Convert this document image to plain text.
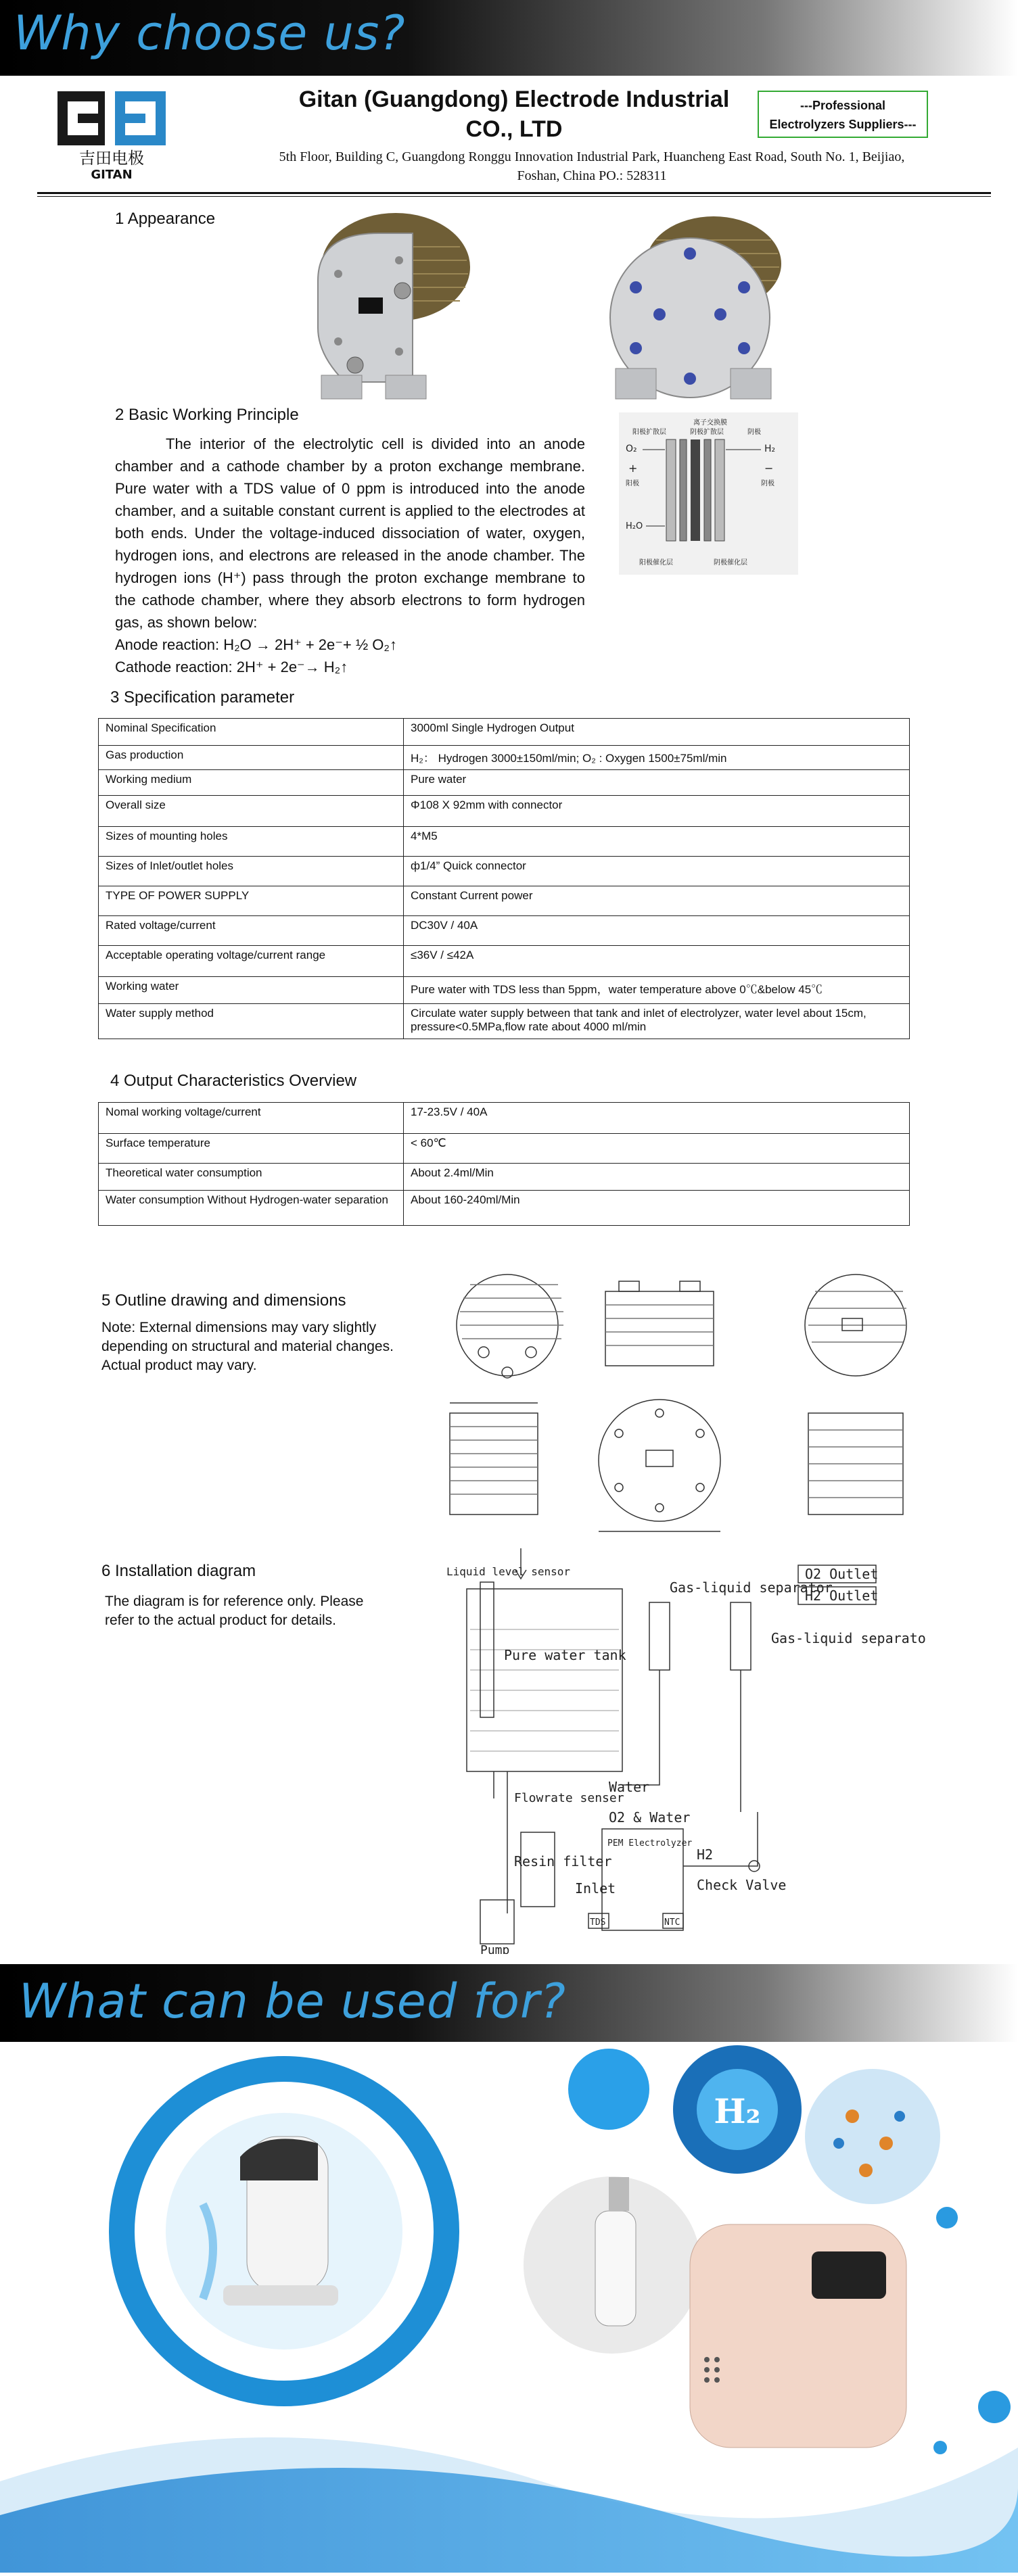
Why choose us?
吉田电极
GITAN
Gitan (Guangdong) Electrode Industrial
CO., LTD
---Professional
Electrolyzers Suppliers---
5th Floor, Building C, Guangdong Ronggu Innovation Industrial Park, Huancheng East Road, South No. 1, Beijiao,
Foshan, China PO.: 528311
1 Appearance
2 Basic Working Principle

The interior of the electrolytic cell is divided into an anode chamber and a cathode chamber by a proton exchange membrane. Pure water with a TDS value of 0 ppm is introduced into the anode chamber, and a suitable constant current is applied to the electrodes at both ends. Under the voltage-induced dissociation of water, oxygen, hydrogen ions, and electrons are released in the anode chamber. The hydrogen ions (H⁺) pass through the proton exchange membrane to the cathode chamber, where they absorb electrons to form hydrogen gas, as shown below:

Anode reaction: H₂O → 2H⁺ + 2e⁻+ ½ O₂↑
Cathode reaction: 2H⁺ + 2e⁻→ H₂↑
离子交换膜
阳极扩散层	阴极扩散层	阴极
O₂	H₂
+	−
阳极	阴极
H₂O
阳极催化层	阴极催化层
3 Specification parameter
Nominal Specification	3000ml Single Hydrogen Output
Gas production	H₂： Hydrogen 3000±150ml/min; O₂ : Oxygen 1500±75ml/min
Working medium	Pure water
Overall size	Φ108 X 92mm with connector
Sizes of mounting holes	4*M5
Sizes of Inlet/outlet holes	ф1/4” Quick connector
TYPE OF POWER SUPPLY	Constant Current power
Rated voltage/current	DC30V / 40A
Acceptable operating voltage/current range	≤36V / ≤42A
Working water	Pure water with TDS less than 5ppm，water temperature above 0℃&below 45℃
Water supply method	Circulate water supply between that tank and inlet of electrolyzer, water level about 15cm, pressure<0.5MPa,flow rate about 4000 ml/min
4 Output Characteristics Overview
Nomal working voltage/current	17-23.5V / 40A
Surface temperature	< 60℃
Theoretical water consumption	About 2.4ml/Min
Water consumption Without Hydrogen-water separation	About 160-240ml/Min
5 Outline drawing and dimensions
Note: External dimensions may vary slightly depending on structural and material changes. Actual product may vary.
6 Installation diagram
The diagram is for reference only. Please refer to the actual product for details.
Liquid level sensor
Pure water tank
Gas-liquid separator
O2 Outlet
H2 Outlet
Gas-liquid separator
Water
Flowrate senser
Resin filter
O2 & Water
PEM Electrolyzer
Inlet
H2
Check Valve
TDS	NTC
Pump
What can be used for?
H₂
